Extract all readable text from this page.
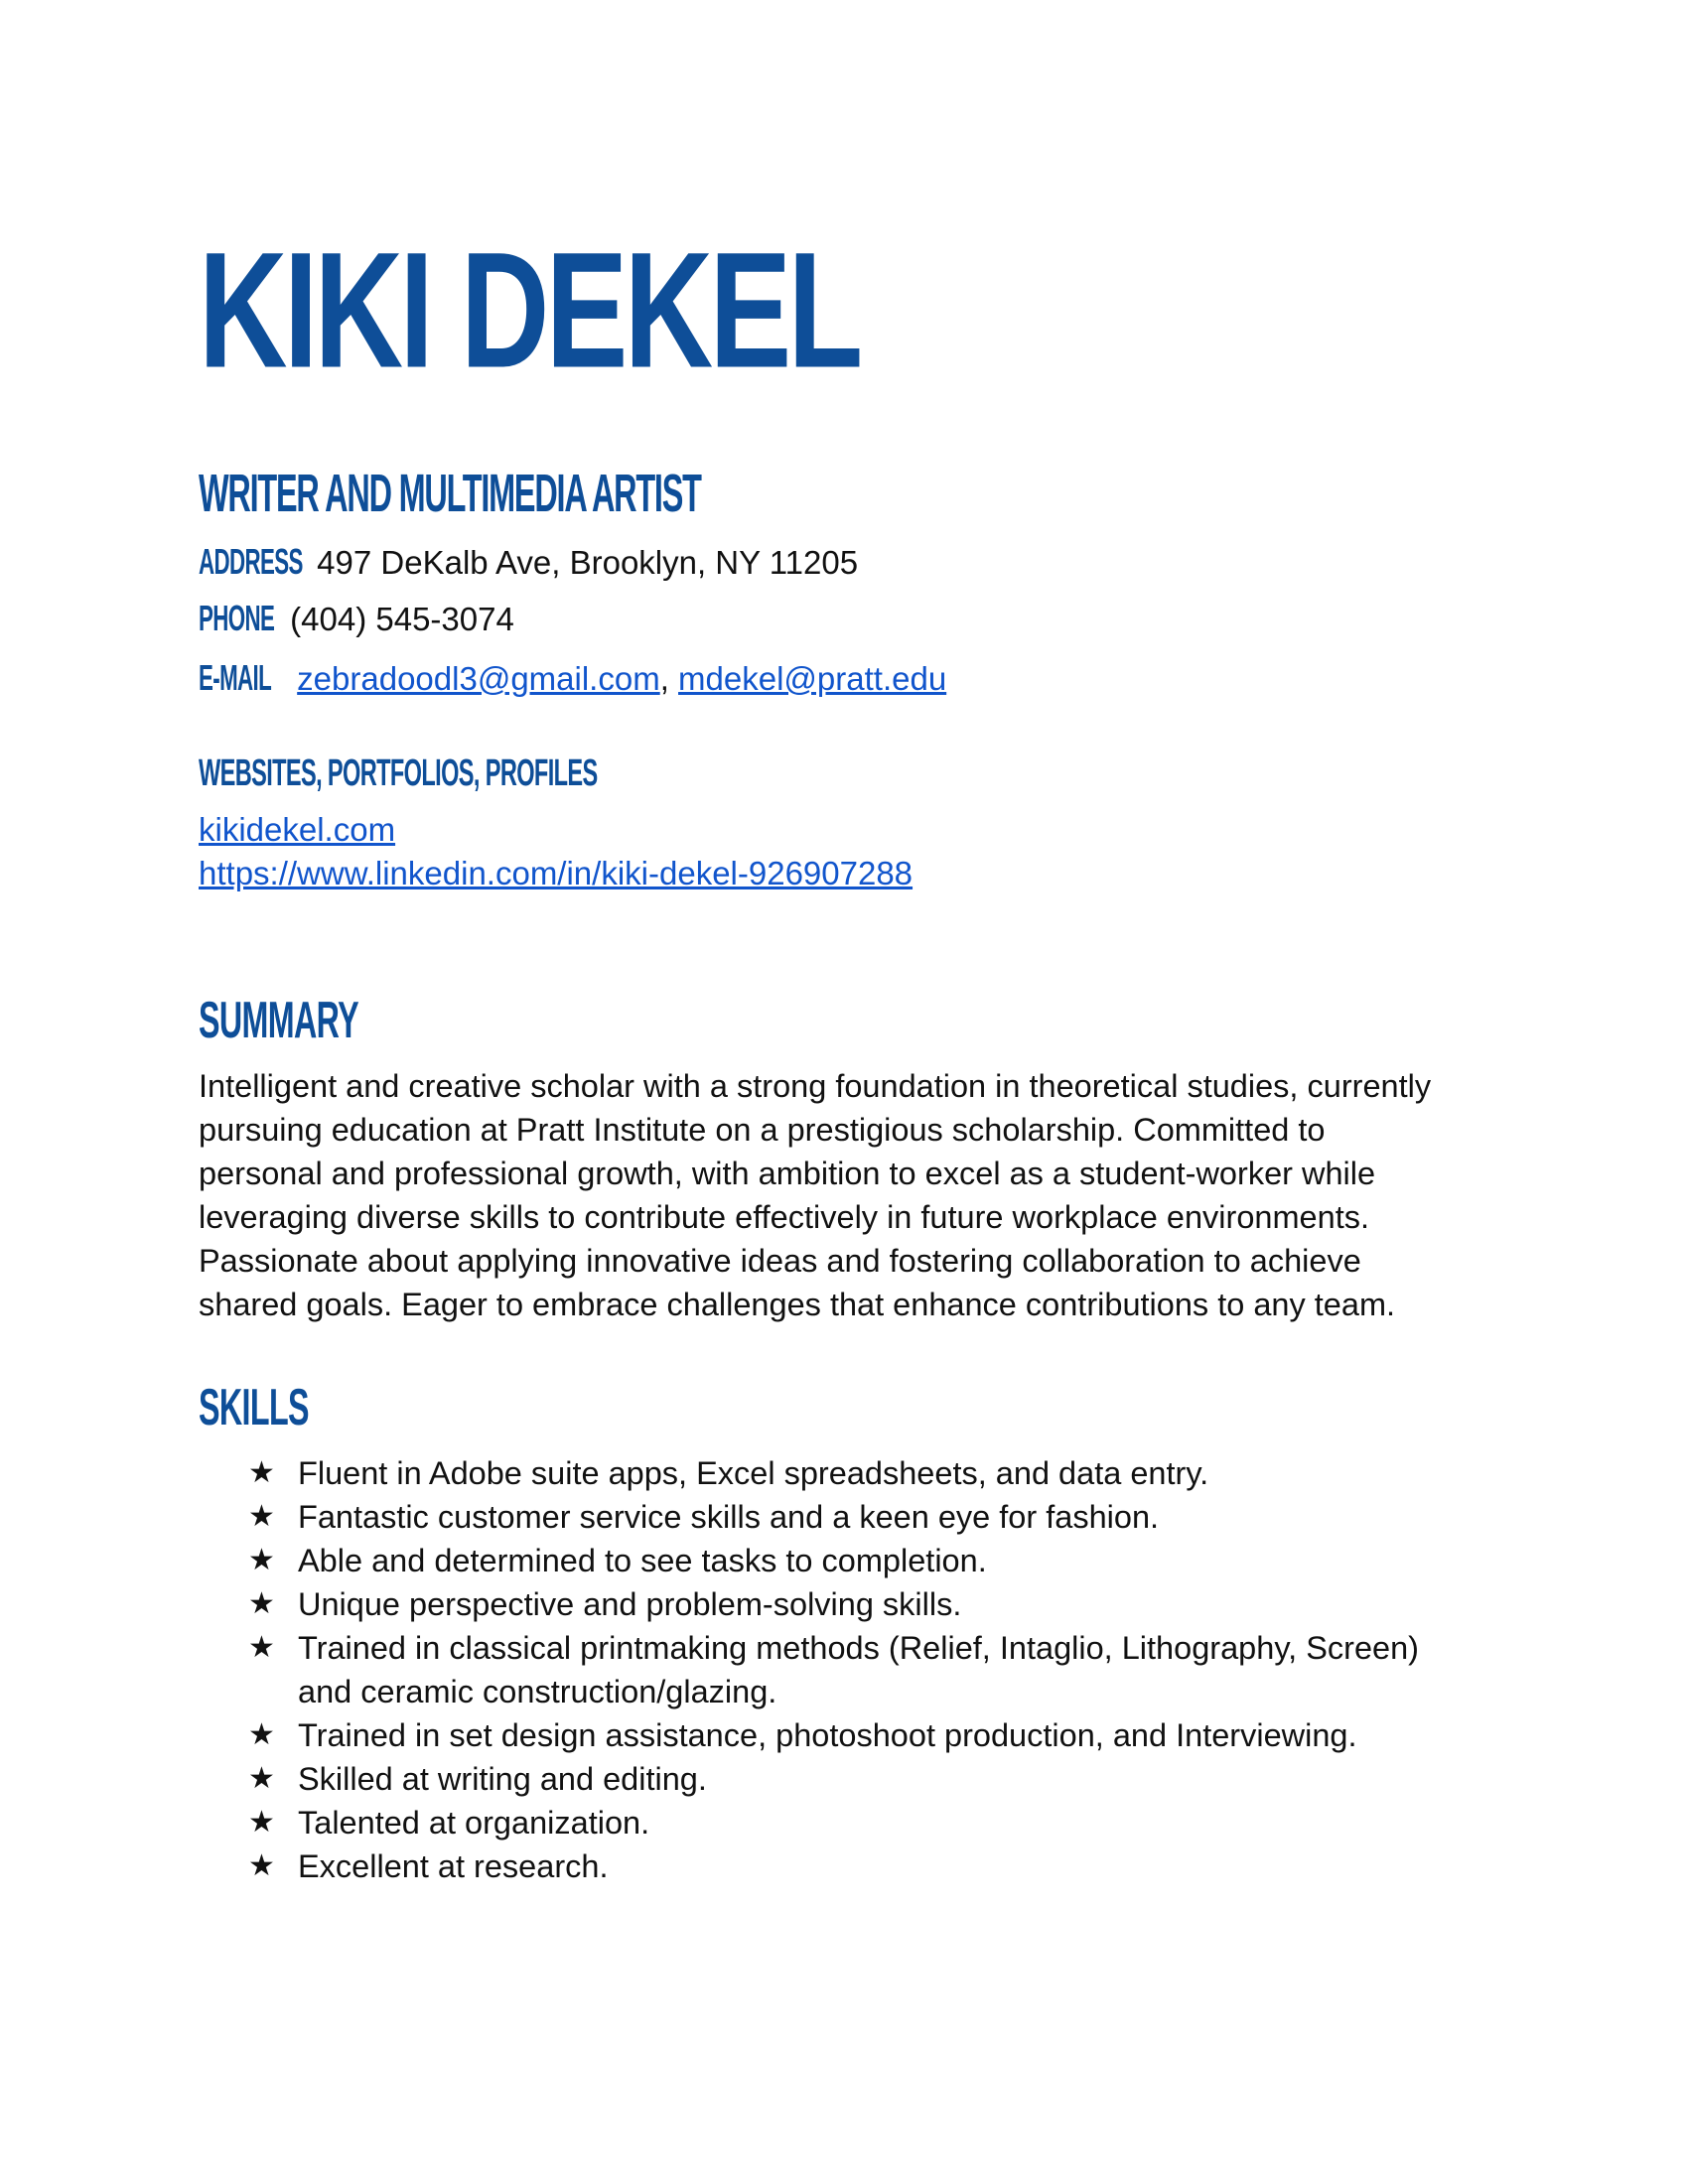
KIKI DEKEL
WRITER AND MULTIMEDIA ARTIST
ADDRESS 497 DeKalb Ave, Brooklyn, NY 11205
PHONE (404) 545-3074
E-MAIL zebradoodl3@gmail.com, mdekel@pratt.edu
WEBSITES, PORTFOLIOS, PROFILES
kikidekel.com
https://www.linkedin.com/in/kiki-dekel-926907288
SUMMARY
Intelligent and creative scholar with a strong foundation in theoretical studies, currently
pursuing education at Pratt Institute on a prestigious scholarship. Committed to
personal and professional growth, with ambition to excel as a student-worker while
leveraging diverse skills to contribute effectively in future workplace environments.
Passionate about applying innovative ideas and fostering collaboration to achieve
shared goals. Eager to embrace challenges that enhance contributions to any team.
SKILLS
★ Fluent in Adobe suite apps, Excel spreadsheets, and data entry.
★ Fantastic customer service skills and a keen eye for fashion.
★ Able and determined to see tasks to completion.
★ Unique perspective and problem-solving skills.
★ Trained in classical printmaking methods (Relief, Intaglio, Lithography, Screen)
and ceramic construction/glazing.
★ Trained in set design assistance, photoshoot production, and Interviewing.
★ Skilled at writing and editing.
★ Talented at organization.
★ Excellent at research.
